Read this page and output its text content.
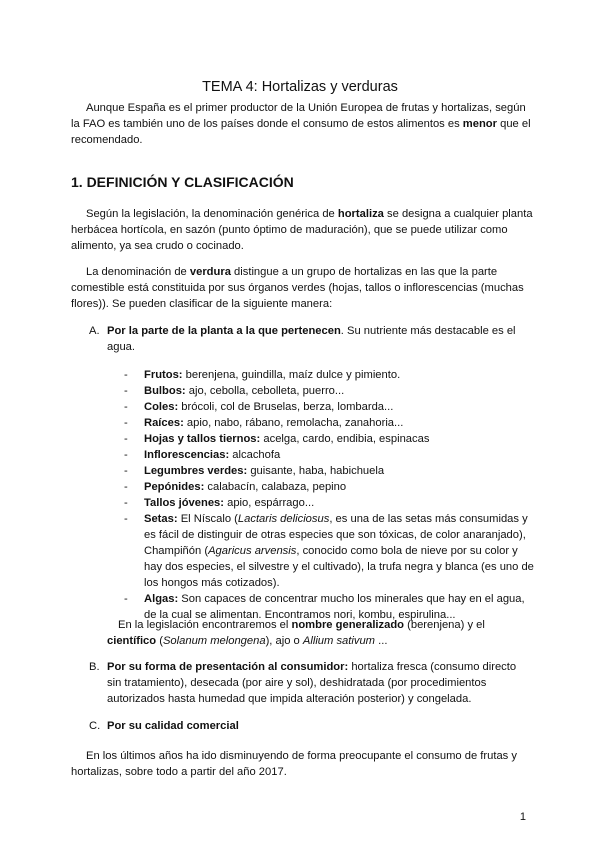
TEMA 4: Hortalizas y verduras
Aunque España es el primer productor de la Unión Europea de frutas y hortalizas, según la FAO es también uno de los países donde el consumo de estos alimentos es menor que el recomendado.
1. DEFINICIÓN Y CLASIFICACIÓN
Según la legislación, la denominación genérica de hortaliza se designa a cualquier planta herbácea hortícola, en sazón (punto óptimo de maduración), que se puede utilizar como alimento, ya sea crudo o cocinado.
La denominación de verdura distingue a un grupo de hortalizas en las que la parte comestible está constituida por sus órganos verdes (hojas, tallos o inflorescencias (muchas flores)). Se pueden clasificar de la siguiente manera:
A. Por la parte de la planta a la que pertenecen. Su nutriente más destacable es el agua.
- Frutos: berenjena, guindilla, maíz dulce y pimiento.
- Bulbos: ajo, cebolla, cebolleta, puerro...
- Coles: brócoli, col de Bruselas, berza, lombarda...
- Raíces: apio, nabo, rábano, remolacha, zanahoria...
- Hojas y tallos tiernos: acelga, cardo, endibia, espinacas
- Inflorescencias: alcachofa
- Legumbres verdes: guisante, haba, habichuela
- Pepónides: calabacín, calabaza, pepino
- Tallos jóvenes: apio, espárrago...
- Setas: El Níscalo (Lactaris deliciosus, es una de las setas más consumidas y es fácil de distinguir de otras especies que son tóxicas, de color anaranjado), Champiñón (Agaricus arvensis, conocido como bola de nieve por su color y hay dos especies, el silvestre y el cultivado), la trufa negra y blanca (es uno de los hongos más cotizados).
- Algas: Son capaces de concentrar mucho los minerales que hay en el agua, de la cual se alimentan. Encontramos nori, kombu, espirulina...
En la legislación encontraremos el nombre generalizado (berenjena) y el
científico (Solanum melongena), ajo o Allium sativum ...
B. Por su forma de presentación al consumidor: hortaliza fresca (consumo directo sin tratamiento), desecada (por aire y sol), deshidratada (por procedimientos autorizados hasta humedad que impida alteración posterior) y congelada.
C. Por su calidad comercial
En los últimos años ha ido disminuyendo de forma preocupante el consumo de frutas y hortalizas, sobre todo a partir del año 2017.
1
